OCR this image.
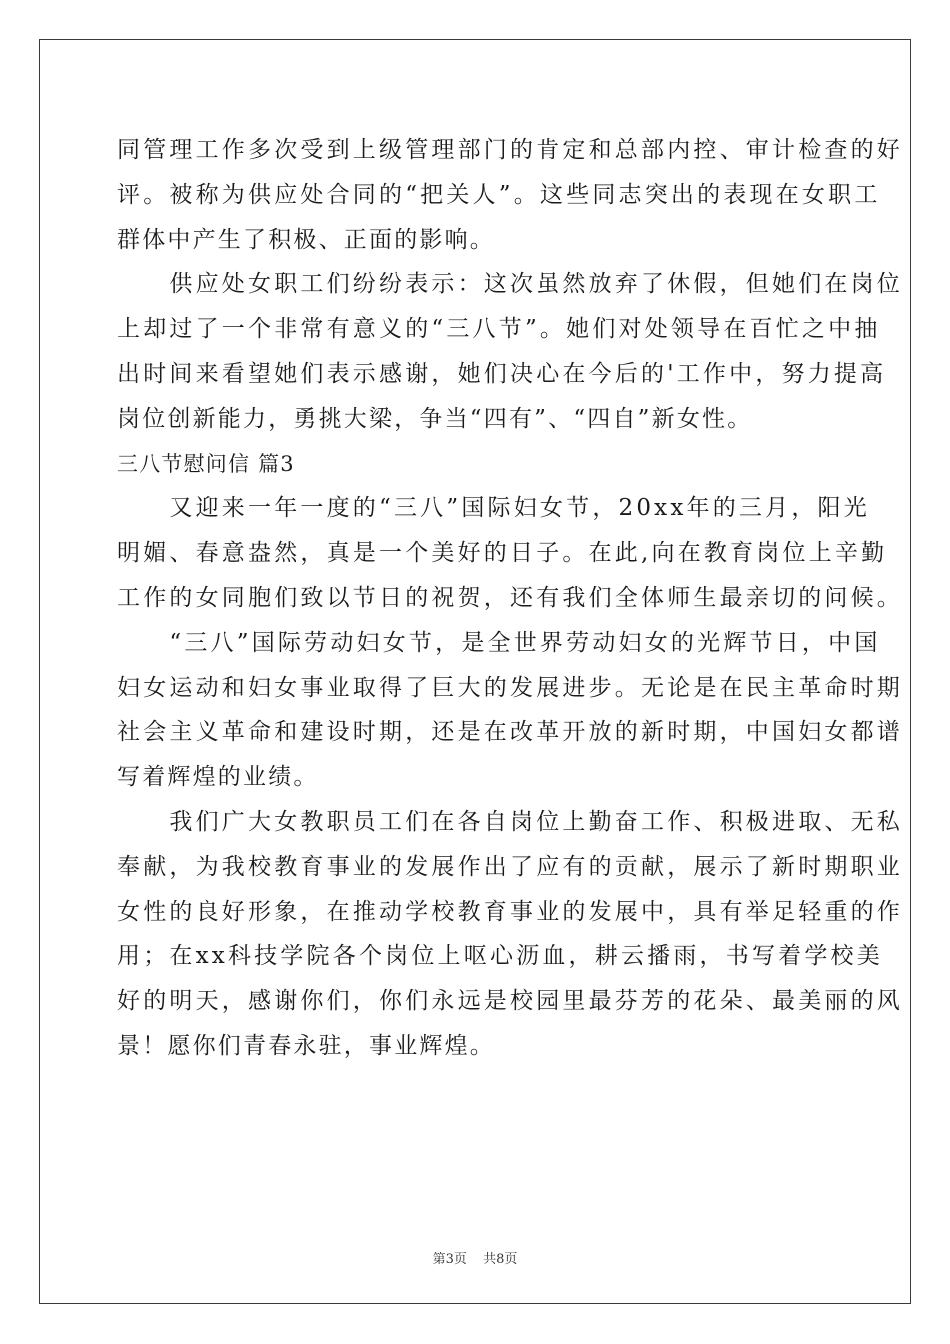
同管理工作多次受到上级管理部门的肯定和总部内控、审计检查的好
评。被称为供应处合同的“把关人”。这些同志突出的表现在女职工
群体中产生了积极、正面的影响。
　　供应处女职工们纷纷表示：这次虽然放弃了休假，但她们在岗位
上却过了一个非常有意义的“三八节”。她们对处领导在百忙之中抽
出时间来看望她们表示感谢，她们决心在今后的'工作中，努力提高
岗位创新能力，勇挑大梁，争当“四有”、“四自”新女性。
三八节慰问信 篇3
　　又迎来一年一度的“三八”国际妇女节，20xx年的三月，阳光
明媚、春意盎然，真是一个美好的日子。在此,向在教育岗位上辛勤
工作的女同胞们致以节日的祝贺，还有我们全体师生最亲切的问候。
　　“三八”国际劳动妇女节，是全世界劳动妇女的光辉节日，中国
妇女运动和妇女事业取得了巨大的发展进步。无论是在民主革命时期
社会主义革命和建设时期，还是在改革开放的新时期，中国妇女都谱
写着辉煌的业绩。
　　我们广大女教职员工们在各自岗位上勤奋工作、积极进取、无私
奉献，为我校教育事业的发展作出了应有的贡献，展示了新时期职业
女性的良好形象，在推动学校教育事业的发展中，具有举足轻重的作
用；在xx科技学院各个岗位上呕心沥血，耕云播雨，书写着学校美
好的明天，感谢你们，你们永远是校园里最芬芳的花朵、最美丽的风
景！愿你们青春永驻，事业辉煌。
第3页 共8页
